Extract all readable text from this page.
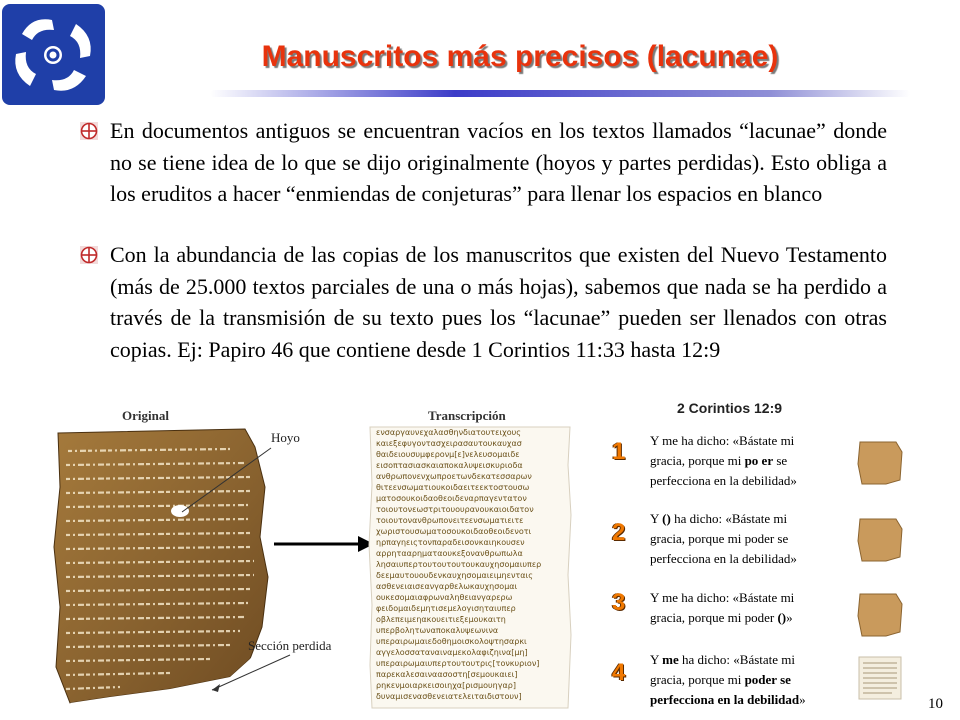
Manuscritos más precisos (lacunae)
En documentos antiguos se encuentran vacíos en los textos llamados “lacunae” donde no se tiene idea de lo que se dijo originalmente (hoyos y partes perdidas). Esto obliga a los eruditos a hacer “enmiendas de conjeturas” para llenar los espacios en blanco
Con la abundancia de las copias de los manuscritos que existen del Nuevo Testamento (más de 25.000 textos parciales de una o más hojas), sabemos que nada se ha perdido a través de la transmisión de su texto pues los “lacunae” pueden ser llenados con otras copias. Ej: Papiro 46 que contiene desde 1 Corintios 11:33 hasta 12:9
Original	Transcripción
Hoyo
Sección perdida
ενσαργαυνεχαλασθηνδιατουτειχους
καιεξεφυγοντασχειρασαυτουκαυχασ
θαιδειουσυμφερονμ[ε]νελευσομαιδε
εισοπτασιασκαιαποκαλυψεισκυριοδα
ανθρωπονενχωπροετωνδεκατεσσαρων
θιτεενσωματιουκοιδαειτεεκτοστουσω
ματοσουκοιδαοθεοιδεναρπαγεντατον
τοιουτονεωστριτουουρανουκαιοιδατον
τοιουτονανθρωπονειτεενσωματιειτε
χωριστουσωματοσουκοιδαοθεοιδενοτι
ηρπαγηειςτονπαραδεισονκαιηκουσεν
αρρητααρηματαουκεξονανθρωπωλα
λησαιυπερτουτουτουτουκαυχησομαιυπερ
δεεμαυτουουδενκαυχησομαιειμηενταις
ασθενειαισεανγαρθελωκαυχησομαι
ουκεσομαιαφρωναληθειανγαρερω
φειδομαιδεμητισεμελογισηταιυπερ
οβλεπειμεηακουειτιεξεμουκαιτη
υπερβολητωναποκαλυψεωνινα
υπεραιρωμαιεδοθημοισκολοψτησαρκι
αγγελοσσαταναιναμεκολαφιζηινα[μη]
υπεραιρωμαιυπερτουτουτρις[τονκυριον]
παρεκαλεσαιναασοστη[σεμουκαιει]
ρηκενμοιαρκεισοιηχα[ρισμουηγαρ]
δυναμισενασθενειατελειταιδιστουν]
2 Corintios 12:9
1 Y me ha dicho: «Bástate mi
gracia, porque mi po er se
perfecciona en la debilidad»
2
Y () ha dicho: «Bástate mi
gracia, porque mi poder se
perfecciona en la debilidad»
3 Y me ha dicho: «Bástate mi
gracia, porque mi poder ()»
4 Y me ha dicho: «Bástate mi
gracia, porque mi poder se
perfecciona en la debilidad»	10
